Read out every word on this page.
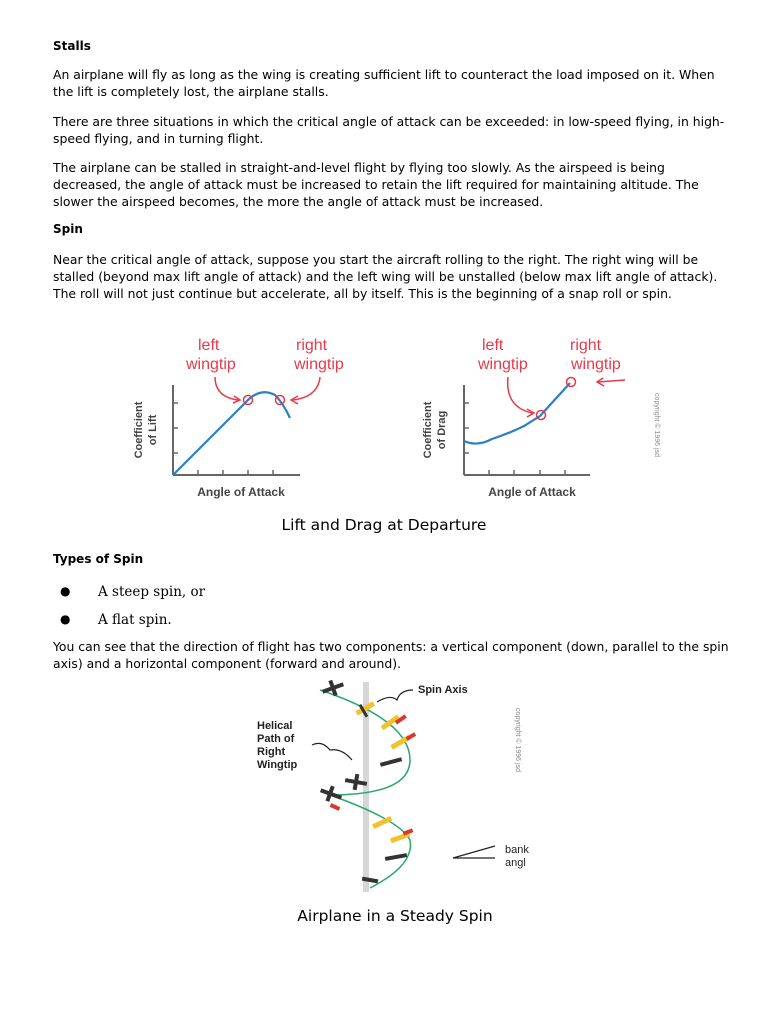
Stalls

An airplane will fly as long as the wing is creating sufficient lift to counteract the load imposed on it. When the lift is completely lost, the airplane stalls.

There are three situations in which the critical angle of attack can be exceeded: in low-speed flying, in high-speed flying, and in turning flight.

The airplane can be stalled in straight-and-level flight by flying too slowly. As the airspeed is being decreased, the angle of attack must be increased to retain the lift required for maintaining altitude. The slower the airspeed becomes, the more the angle of attack must be increased.

Spin

Near the critical angle of attack, suppose you start the aircraft rolling to the right. The right wing will be stalled (beyond max lift angle of attack) and the left wing will be unstalled (below max lift angle of attack). The roll will not just continue but accelerate, all by itself. This is the beginning of a snap roll or spin.

left
wingtip
right
wingtip
Coefficient of Lift
Angle of Attack
left
wingtip
right
wingtip
Coefficient of Drag
Angle of Attack
copyright © 1996 jsd
Lift and Drag at Departure
Types of Spin
● A steep spin, or
● A flat spin.

You can see that the direction of flight has two components: a vertical component (down, parallel to the spin axis) and a horizontal component (forward and around).

Spin Axis
Helical
Path of
Right
Wingtip
bank
angl
copyright © 1996 jsd
Airplane in a Steady Spin
